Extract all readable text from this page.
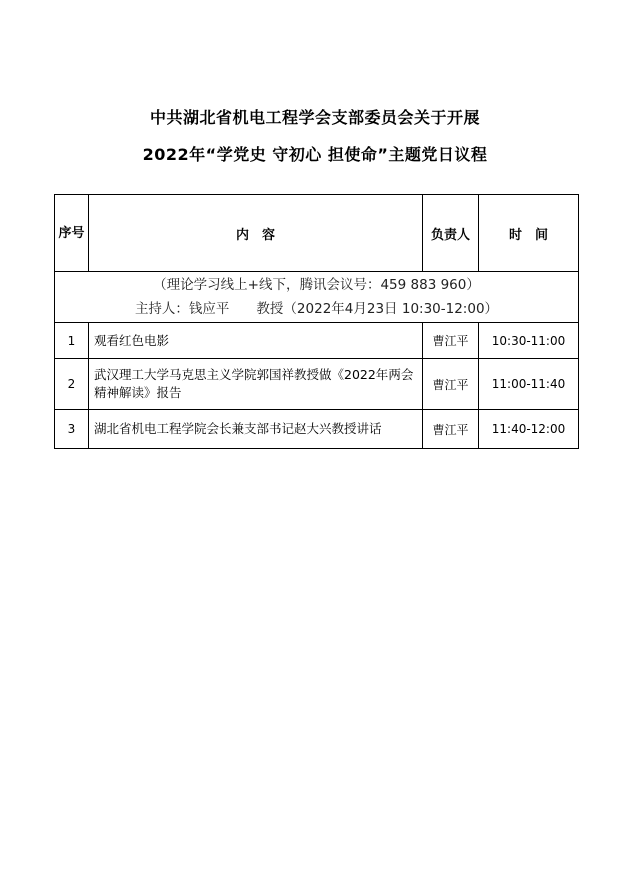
中共湖北省机电工程学会支部委员会关于开展
2022年“学党史 守初心 担使命”主题党日议程
序号	内　容	负责人	时　间

（理论学习线上+线下，腾讯会议号：459 883 960）
主持人：钱应平　　教授（2022年4月23日 10:30-12:00）			

1	观看红色电影	曹江平	10:30-11:00
2	武汉理工大学马克思主义学院郭国祥教授做《2022年两会精神解读》报告	曹江平	11:00-11:40
3	湖北省机电工程学院会长兼支部书记赵大兴教授讲话	曹江平	11:40-12:00
